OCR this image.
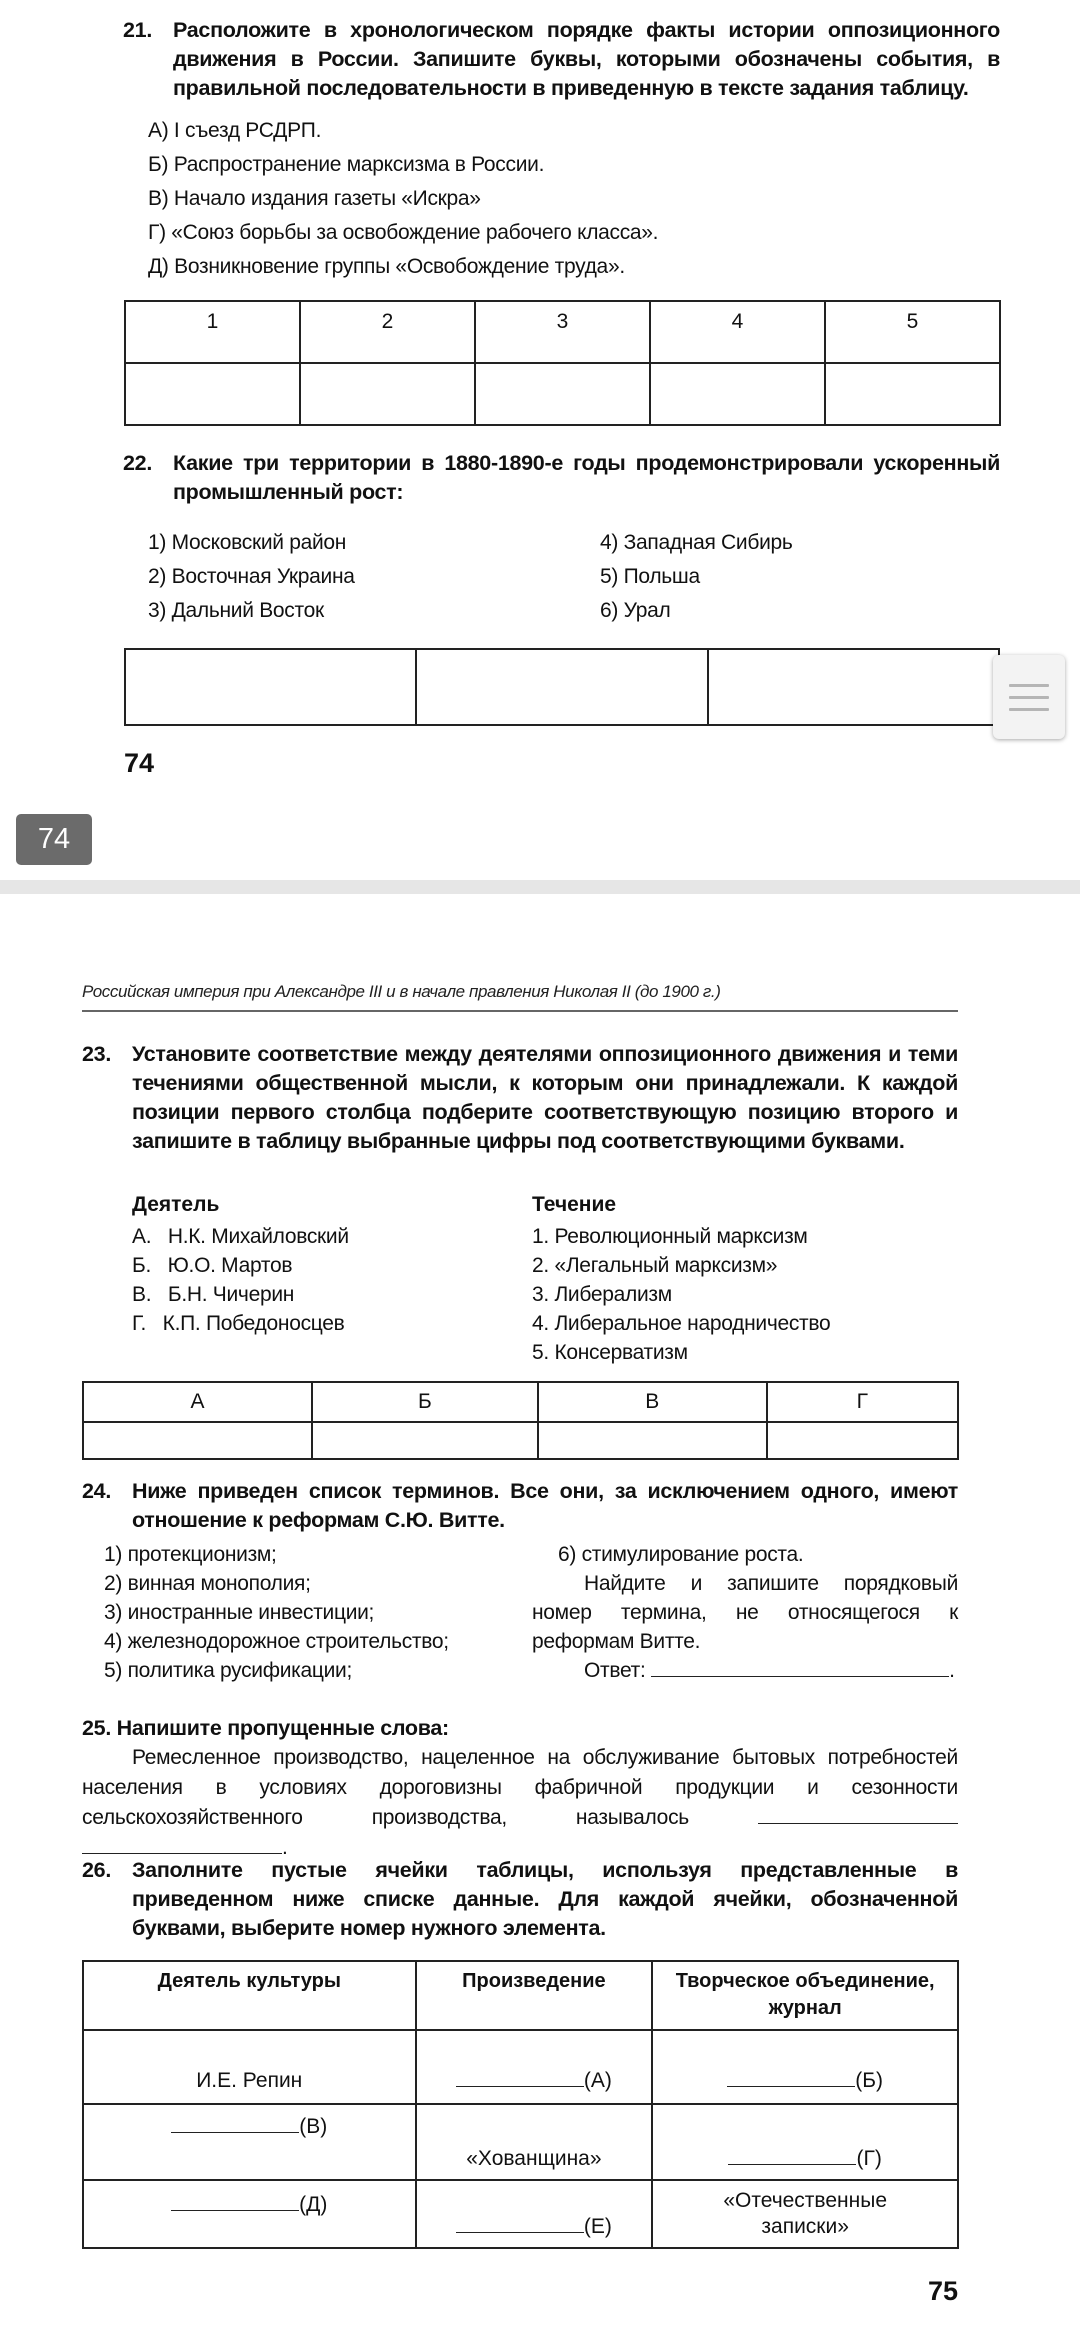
21. Расположите в хронологическом порядке факты истории оппозиционного движения в России. Запишите буквы, которыми обозначены события, в правильной последовательности в приведенную в тексте задания таблицу.
А) I съезд РСДРП.
Б) Распространение марксизма в России.
В) Начало издания газеты «Искра»
Г) «Союз борьбы за освобождение рабочего класса».
Д) Возникновение группы «Освобождение труда».
1	2	3	4	5

22. Какие три территории в 1880-1890-е годы продемонстрировали ускоренный промышленный рост:
1) Московский район
2) Восточная Украина
3) Дальний Восток
4) Западная Сибирь
5) Польша
6) Урал

74
74
Российская империя при Александре III и в начале правления Николая II (до 1900 г.)
23. Установите соответствие между деятелями оппозиционного движения и теми течениями общественной мысли, к которым они принадлежали. К каждой позиции первого столбца подберите соответствующую позицию второго и запишите в таблицу выбранные цифры под соответствующими буквами.
Деятель
А.   Н.К. Михайловский
Б.   Ю.О. Мартов
В.   Б.Н. Чичерин
Г.   К.П. Победоносцев
Течение
1. Революционный марксизм
2. «Легальный марксизм»
3. Либерализм
4. Либеральное народничество
5. Консерватизм
А	Б	В	Г

24. Ниже приведен список терминов. Все они, за исключением одного, имеют отношение к реформам С.Ю. Витте.
1) протекционизм;
2) винная монополия;
3) иностранные инвестиции;
4) железнодорожное строительство;
5) политика русификации;
6) стимулирование роста.
Найдите и запишите порядковый номер термина, не относящегося к реформам Витте.
Ответ:	.
25. Напишите пропущенные слова:
Ремесленное производство, нацеленное на обслуживание бытовых потребностей населения в условиях дороговизны фабричной продукции и сезонности сельскохозяйственного производства, называлось  .
26. Заполните пустые ячейки таблицы, используя представленные в приведенном ниже списке данные. Для каждой ячейки, обозначенной буквами, выберите номер нужного элемента.
Деятель культуры	Произведение	Творческое объединение, журнал
И.Е. Репин	(А)	(Б)
(В)	«Хованщина»	(Г)
(Д)	(Е)	«Отечественные записки»
75
